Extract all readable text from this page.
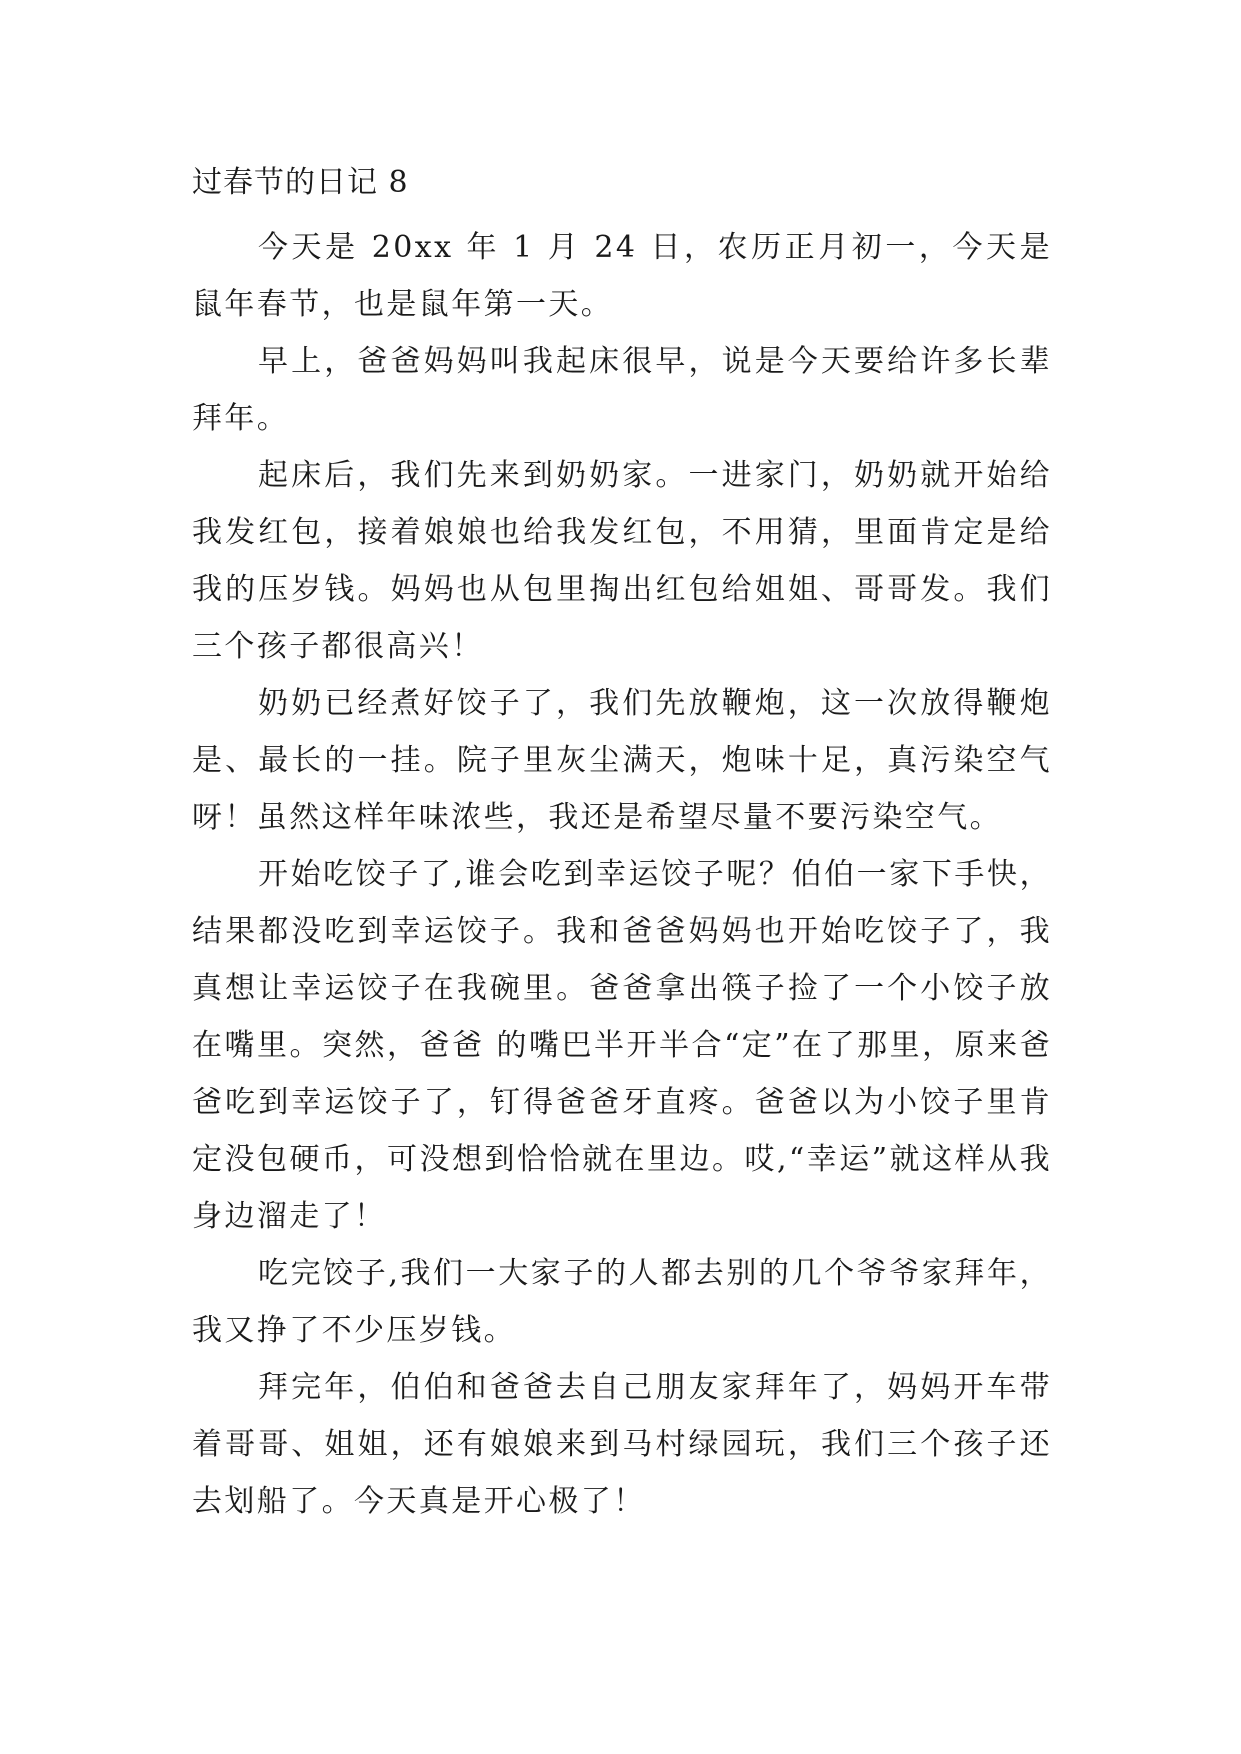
过春节的日记 8

今天是 20xx 年 1 月 24 日，农历正月初一，今天是鼠年春节，也是鼠年第一天。

早上，爸爸妈妈叫我起床很早，说是今天要给许多长辈拜年。

起床后，我们先来到奶奶家。一进家门，奶奶就开始给我发红包，接着娘娘也给我发红包，不用猜，里面肯定是给我的压岁钱。妈妈也从包里掏出红包给姐姐、哥哥发。我们三个孩子都很高兴！

奶奶已经煮好饺子了，我们先放鞭炮，这一次放得鞭炮是、最长的一挂。院子里灰尘满天，炮味十足，真污染空气呀！虽然这样年味浓些，我还是希望尽量不要污染空气。

开始吃饺子了,谁会吃到幸运饺子呢？伯伯一家下手快，结果都没吃到幸运饺子。我和爸爸妈妈也开始吃饺子了，我真想让幸运饺子在我碗里。爸爸拿出筷子捡了一个小饺子放在嘴里。突然，爸爸 的嘴巴半开半合“定”在了那里，原来爸爸吃到幸运饺子了，钉得爸爸牙直疼。爸爸以为小饺子里肯定没包硬币，可没想到恰恰就在里边。哎,“幸运”就这样从我身边溜走了！

吃完饺子,我们一大家子的人都去别的几个爷爷家拜年，我又挣了不少压岁钱。

拜完年，伯伯和爸爸去自己朋友家拜年了，妈妈开车带着哥哥、姐姐，还有娘娘来到马村绿园玩，我们三个孩子还去划船了。今天真是开心极了！
